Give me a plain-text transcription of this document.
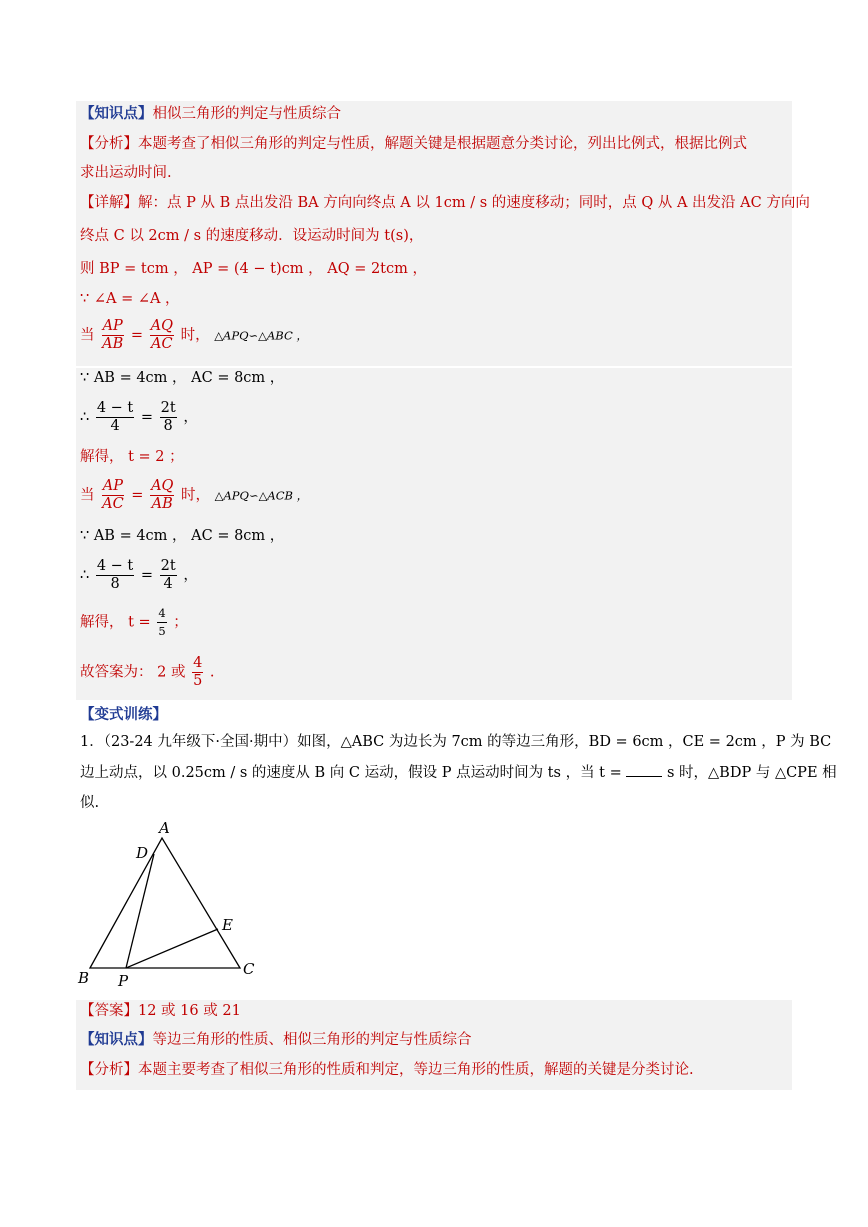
【知识点】相似三角形的判定与性质综合
【分析】本题考查了相似三角形的判定与性质，解题关键是根据题意分类讨论，列出比例式，根据比例式
求出运动时间.
【详解】解：点 P 从 B 点出发沿 BA 方向向终点 A 以 1cm / s 的速度移动；同时，点 Q 从 A 出发沿 AC 方向向
终点 C 以 2cm / s 的速度移动．设运动时间为 t(s)，
则 BP = tcm ， AP = (4 − t)cm ， AQ = 2tcm ，
∵ ∠A = ∠A ，
当 $\frac{AP}{AB} = \frac{AQ}{AC}$ 时， △APQ∽△ABC ，
∵ AB = 4cm ， AC = 8cm ，
∴ $\frac{4 - t}{4} = \frac{2t}{8}$ ，
解得， t = 2 ；
当 $\frac{AP}{AC} = \frac{AQ}{AB}$ 时， △APQ∽△ACB ，
∵ AB = 4cm ， AC = 8cm ，
∴ $\frac{4 - t}{8} = \frac{2t}{4}$ ，
解得， $t = \frac{4}{5}$ ；
故答案为： 2 或 $\frac{4}{5}$ .
【变式训练】
1．（23-24 九年级下·全国·期中）如图，△ABC 为边长为 7cm 的等边三角形，BD = 6cm ，CE = 2cm ，P 为 BC
边上动点，以 0.25cm / s 的速度从 B 向 C 运动，假设 P 点运动时间为 ts ，当 t =	s 时，△BDP 与 △CPE 相
似.
A
D
E
B P
C
【答案】12 或 16 或 21
【知识点】等边三角形的性质、相似三角形的判定与性质综合
【分析】本题主要考查了相似三角形的性质和判定，等边三角形的性质，解题的关键是分类讨论.
